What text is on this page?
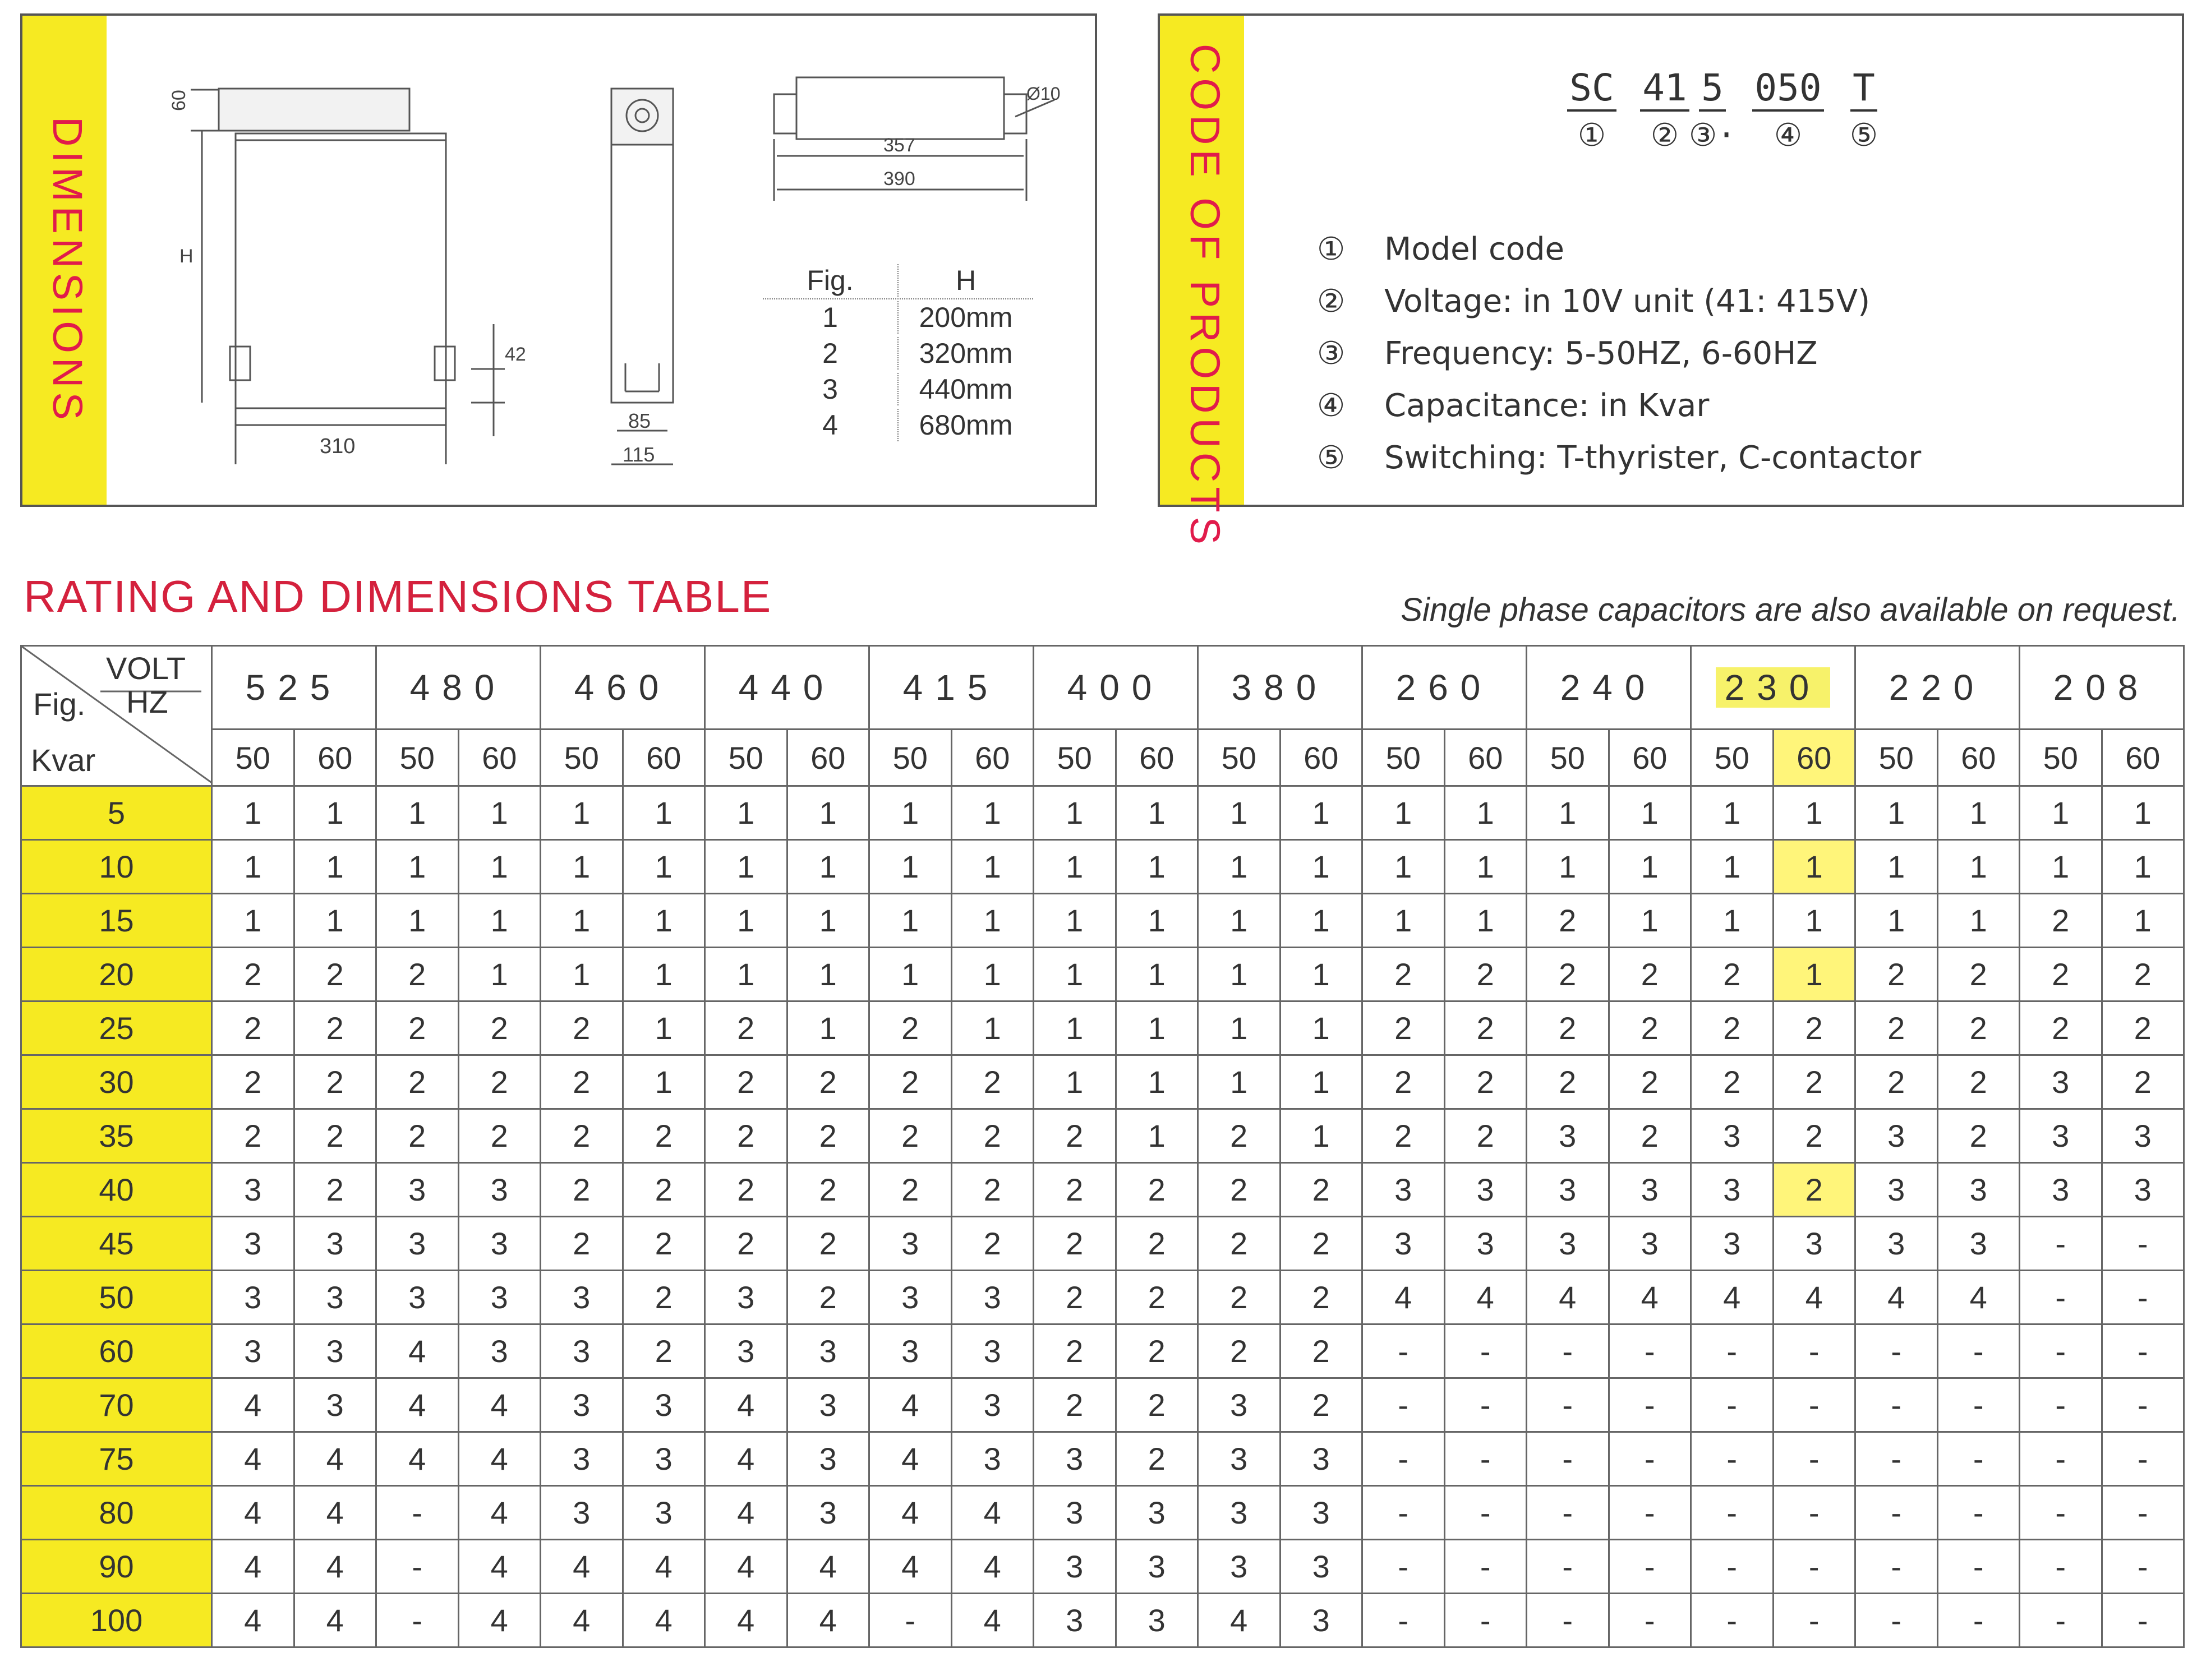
DIMENSIONS
60
H
42
310
85
115
Ø10
357
390
Fig.	H
1	200mm
2	320mm
3	440mm
4	680mm	CODE OF PRODUCTS	SC
①
41
②
5
③·
050
④
T
⑤
①	Model code
②	Voltage: in 10V unit (41: 415V)
③	Frequency: 5-50HZ, 6-60HZ
④	Capacitance: in Kvar
⑤	Switching: T-thyrister, C-contactor
RATING AND DIMENSIONS TABLE	Single phase capacitors are also available on request.
VOLT
HZ
Fig.
Kvar	525		480		460		440		415		400		380		260		240		230		220		208	
	50	60	50	60	50	60	50	60	50	60	50	60	50	60	50	60	50	60	50	60	50	60	50	60
5	1	1	1	1	1	1	1	1	1	1	1	1	1	1	1	1	1	1	1	1	1	1	1	1
10	1	1	1	1	1	1	1	1	1	1	1	1	1	1	1	1	1	1	1	1	1	1	1	1
15	1	1	1	1	1	1	1	1	1	1	1	1	1	1	1	1	2	1	1	1	1	1	2	1
20	2	2	2	1	1	1	1	1	1	1	1	1	1	1	2	2	2	2	2	1	2	2	2	2
25	2	2	2	2	2	1	2	1	2	1	1	1	1	1	2	2	2	2	2	2	2	2	2	2
30	2	2	2	2	2	1	2	2	2	2	1	1	1	1	2	2	2	2	2	2	2	2	3	2
35	2	2	2	2	2	2	2	2	2	2	2	1	2	1	2	2	3	2	3	2	3	2	3	3
40	3	2	3	3	2	2	2	2	2	2	2	2	2	2	3	3	3	3	3	2	3	3	3	3
45	3	3	3	3	2	2	2	2	3	2	2	2	2	2	3	3	3	3	3	3	3	3	-	-
50	3	3	3	3	3	2	3	2	3	3	2	2	2	2	4	4	4	4	4	4	4	4	-	-
60	3	3	4	3	3	2	3	3	3	3	2	2	2	2	-	-	-	-	-	-	-	-	-	-
70	4	3	4	4	3	3	4	3	4	3	2	2	3	2	-	-	-	-	-	-	-	-	-	-
75	4	4	4	4	3	3	4	3	4	3	3	2	3	3	-	-	-	-	-	-	-	-	-	-
80	4	4	-	4	3	3	4	3	4	4	3	3	3	3	-	-	-	-	-	-	-	-	-	-
90	4	4	-	4	4	4	4	4	4	4	3	3	3	3	-	-	-	-	-	-	-	-	-	-
100	4	4	-	4	4	4	4	4	-	4	3	3	4	3	-	-	-	-	-	-	-	-	-	-
